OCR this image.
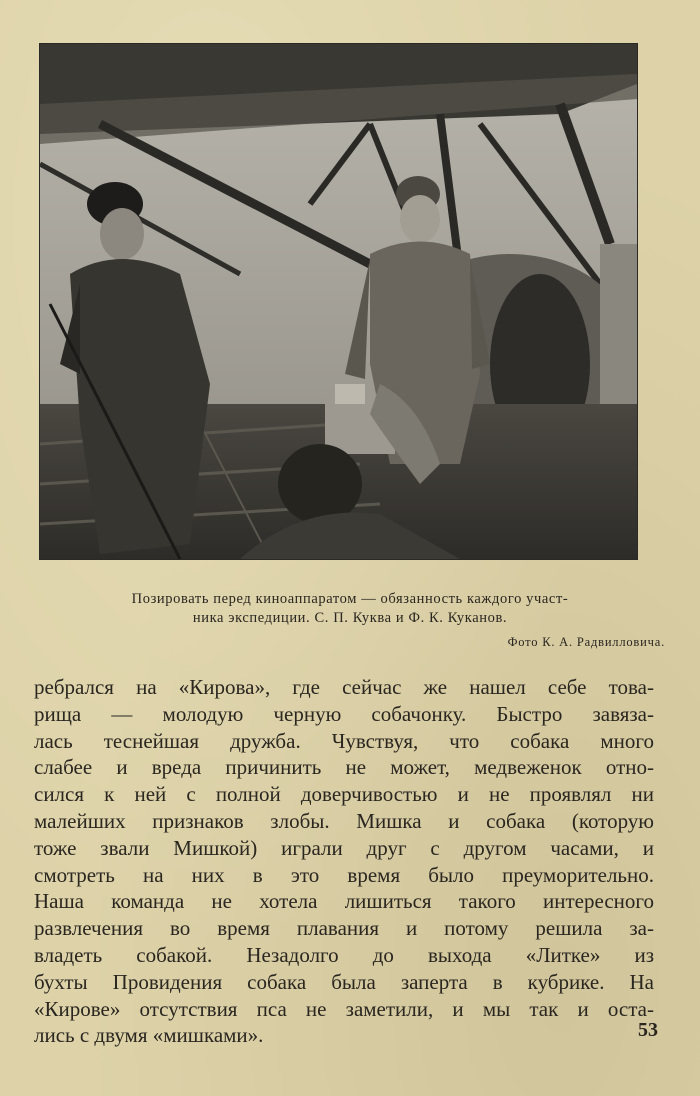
Позировать перед киноаппаратом — обязанность каждого участ-
ника экспедиции. С. П. Куква и Ф. К. Куканов.
Фото К. А. Радвилловича.
ребрался на «Кирова», где сейчас же нашел себе това-
рища — молодую черную собачонку. Быстро завяза-
лась теснейшая дружба. Чувствуя, что собака много
слабее и вреда причинить не может, медвеженок отно-
сился к ней с полной доверчивостью и не проявлял ни
малейших признаков злобы. Мишка и собака (которую
тоже звали Мишкой) играли друг с другом часами, и
смотреть на них в это время было преуморительно.
Наша команда не хотела лишиться такого интересного
развлечения во время плавания и потому решила за-
владеть собакой. Незадолго до выхода «Литке» из
бухты Провидения собака была заперта в кубрике. На
«Кирове» отсутствия пса не заметили, и мы так и оста-
лись с двумя «мишками».	53
